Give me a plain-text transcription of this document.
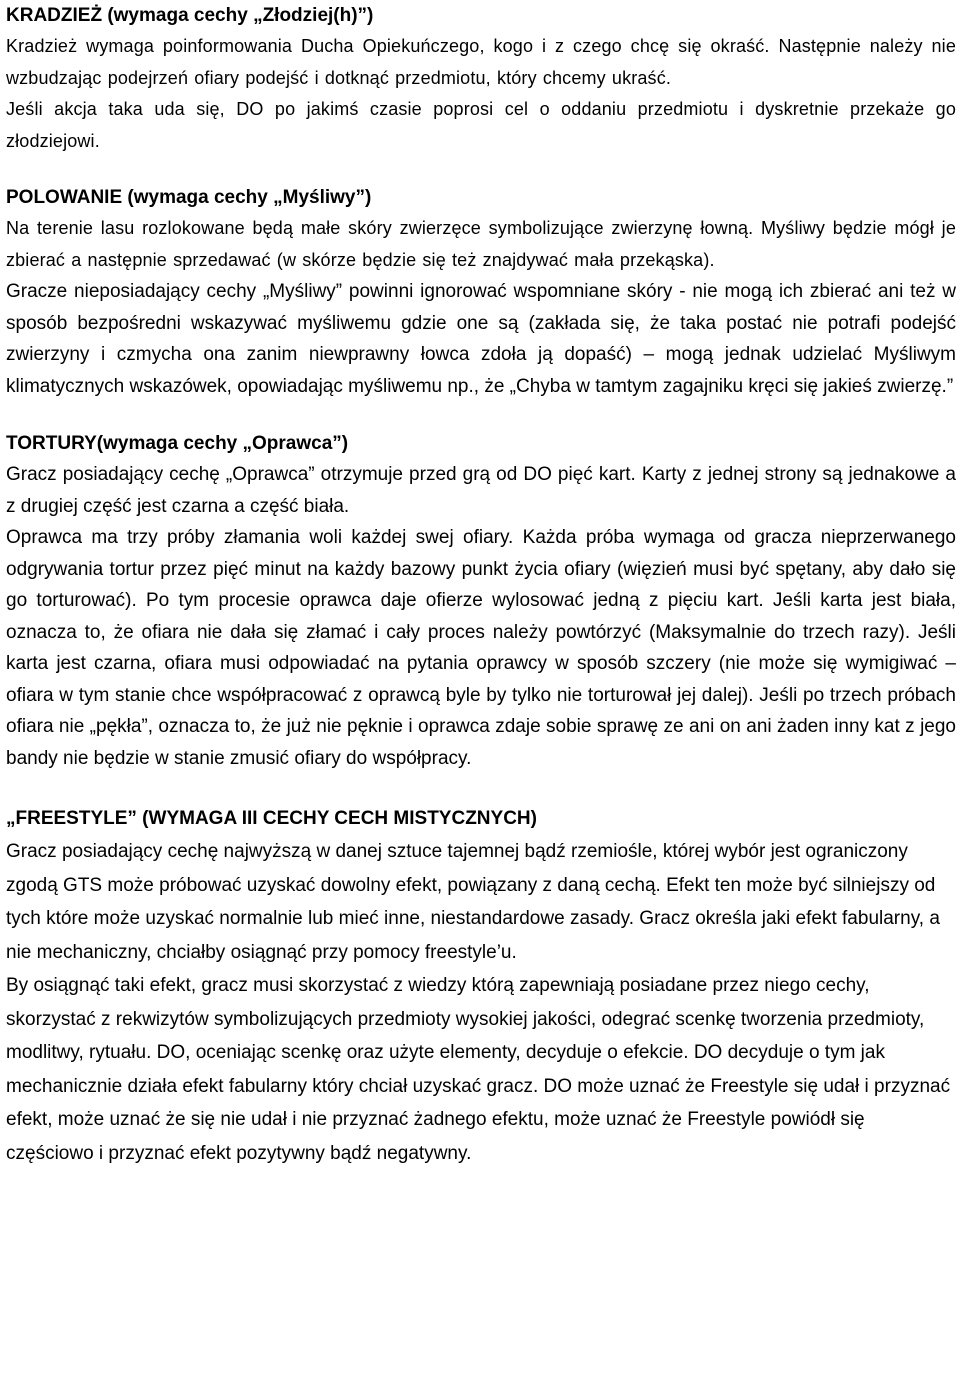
KRADZIEŻ (wymaga cechy „Złodziej(h)”)

Kradzież wymaga poinformowania Ducha Opiekuńczego, kogo i z czego chcę się okraść. Następnie należy nie wzbudzając podejrzeń ofiary podejść i dotknąć przedmiotu, który chcemy ukraść.

Jeśli akcja taka uda się, DO po jakimś czasie poprosi cel o oddaniu przedmiotu i dyskretnie przekaże go złodziejowi.

POLOWANIE (wymaga cechy „Myśliwy”)

Na terenie lasu rozlokowane będą małe skóry zwierzęce symbolizujące zwierzynę łowną. Myśliwy będzie mógł je zbierać a następnie sprzedawać (w skórze będzie się też znajdywać mała przekąska).

Gracze nieposiadający cechy „Myśliwy” powinni ignorować wspomniane skóry - nie mogą ich zbierać ani też w sposób bezpośredni wskazywać myśliwemu gdzie one są (zakłada się, że taka postać nie potrafi podejść zwierzyny i czmycha ona zanim niewprawny łowca zdoła ją dopaść) – mogą jednak udzielać Myśliwym klimatycznych wskazówek, opowiadając myśliwemu np., że „Chyba w tamtym zagajniku kręci się jakieś zwierzę.”

TORTURY(wymaga cechy „Oprawca”)

Gracz posiadający cechę „Oprawca” otrzymuje przed grą od DO pięć kart. Karty z jednej strony są jednakowe a z drugiej część jest czarna a część biała.

Oprawca ma trzy próby złamania woli każdej swej ofiary. Każda próba wymaga od gracza nieprzerwanego odgrywania tortur przez pięć minut na każdy bazowy punkt życia ofiary (więzień musi być spętany, aby dało się go torturować). Po tym procesie oprawca daje ofierze wylosować jedną z pięciu kart. Jeśli karta jest biała, oznacza to, że ofiara nie dała się złamać i cały proces należy powtórzyć (Maksymalnie do trzech razy). Jeśli karta jest czarna, ofiara musi odpowiadać na pytania oprawcy w sposób szczery (nie może się wymigiwać – ofiara w tym stanie chce współpracować z oprawcą byle by tylko nie torturował jej dalej). Jeśli po trzech próbach ofiara nie „pękła”, oznacza to, że już nie pęknie i oprawca zdaje sobie sprawę ze ani on ani żaden inny kat z jego bandy nie będzie w stanie zmusić ofiary do współpracy.

„FREESTYLE” (WYMAGA III CECHY CECH MISTYCZNYCH)

Gracz posiadający cechę najwyższą w danej sztuce tajemnej bądź rzemiośle, której wybór jest ograniczony zgodą GTS może próbować uzyskać dowolny efekt, powiązany z daną cechą. Efekt ten może być silniejszy od tych które może uzyskać normalnie lub mieć inne, niestandardowe zasady. Gracz określa jaki efekt fabularny, a nie mechaniczny, chciałby osiągnąć przy pomocy freestyle’u.

By osiągnąć taki efekt, gracz musi skorzystać z wiedzy którą zapewniają posiadane przez niego cechy, skorzystać z rekwizytów symbolizujących przedmioty wysokiej jakości, odegrać scenkę tworzenia przedmioty, modlitwy, rytuału. DO, oceniając scenkę oraz użyte elementy, decyduje o efekcie. DO decyduje o tym jak mechanicznie działa efekt fabularny który chciał uzyskać gracz. DO może uznać że Freestyle się udał i przyznać efekt, może uznać że się nie udał i nie przyznać żadnego efektu, może uznać że Freestyle powiódł się częściowo i przyznać efekt pozytywny bądź negatywny.
